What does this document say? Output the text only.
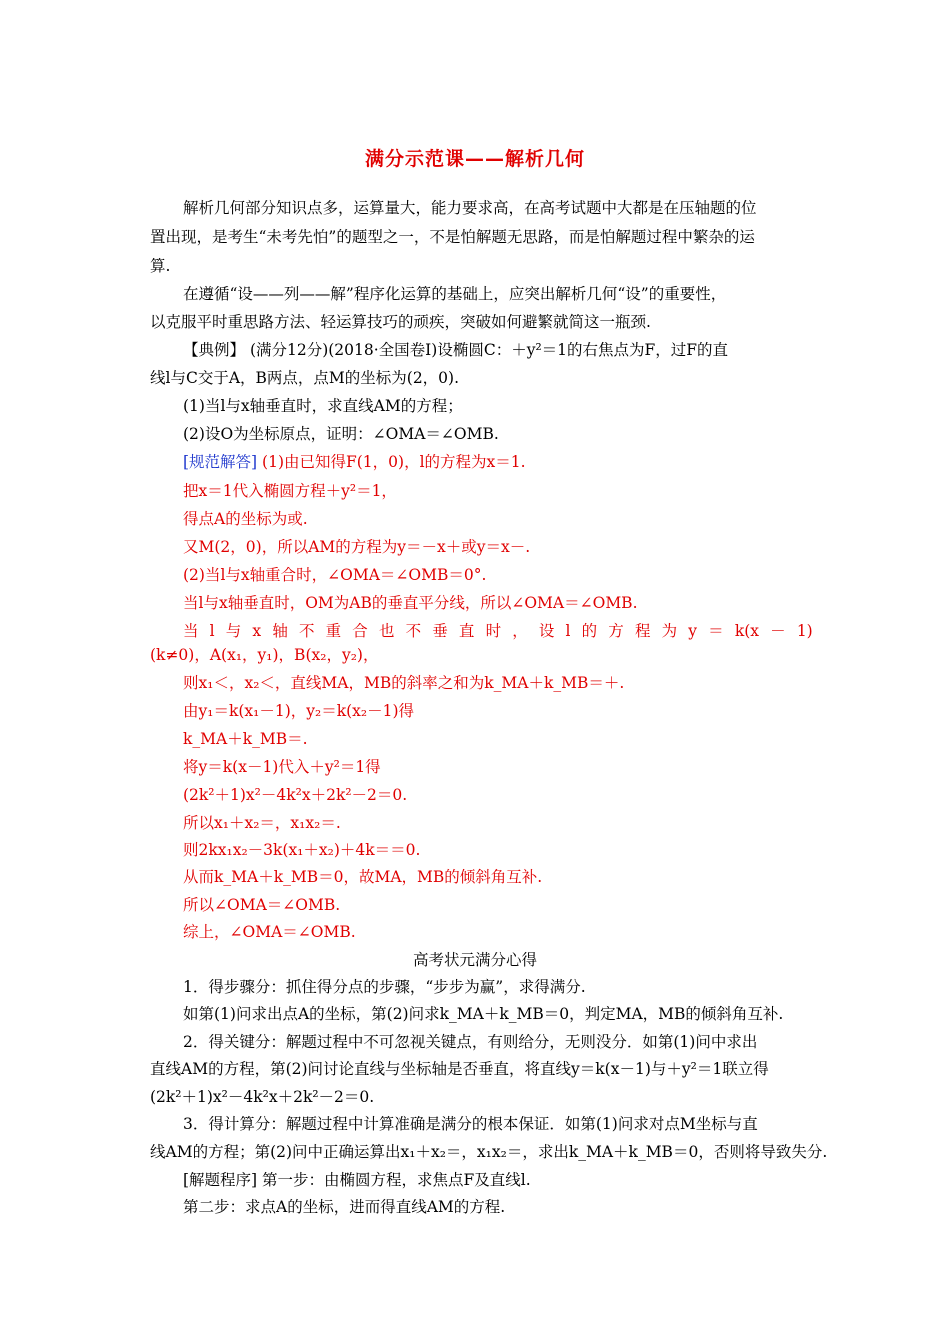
满分示范课——解析几何
解析几何部分知识点多，运算量大，能力要求高，在高考试题中大都是在压轴题的位
置出现，是考生“未考先怕”的题型之一，不是怕解题无思路，而是怕解题过程中繁杂的运
算.
在遵循“设——列——解”程序化运算的基础上，应突出解析几何“设”的重要性，
以克服平时重思路方法、轻运算技巧的顽疾，突破如何避繁就简这一瓶颈.
【典例】 (满分12分)(2018·全国卷Ⅰ)设椭圆C：＋y²＝1的右焦点为F，过F的直
线l与C交于A，B两点，点M的坐标为(2，0).
(1)当l与x轴垂直时，求直线AM的方程；
(2)设O为坐标原点，证明：∠OMA＝∠OMB.
[规范解答] (1)由已知得F(1，0)，l的方程为x＝1.
把x＝1代入椭圆方程＋y²＝1，
得点A的坐标为或.
又M(2，0)，所以AM的方程为y＝－x＋或y＝x－.
(2)当l与x轴重合时，∠OMA＝∠OMB＝0°.
当l与x轴垂直时，OM为AB的垂直平分线，所以∠OMA＝∠OMB.
当 l 与 x 轴 不 重 合 也 不 垂 直 时 ， 设 l 的 方 程 为 y ＝ k(x － 1)
(k≠0)，A(x₁，y₁)，B(x₂，y₂)，
则x₁＜，x₂＜，直线MA，MB的斜率之和为k_MA＋k_MB＝＋.
由y₁＝k(x₁－1)，y₂＝k(x₂－1)得
k_MA＋k_MB＝.
将y＝k(x－1)代入＋y²＝1得
(2k²＋1)x²－4k²x＋2k²－2＝0.
所以x₁＋x₂＝，x₁x₂＝.
则2kx₁x₂－3k(x₁＋x₂)＋4k＝＝0.
从而k_MA＋k_MB＝0，故MA，MB的倾斜角互补.
所以∠OMA＝∠OMB.
综上，∠OMA＝∠OMB.
高考状元满分心得
1．得步骤分：抓住得分点的步骤，“步步为赢”，求得满分.
如第(1)问求出点A的坐标，第(2)问求k_MA＋k_MB＝0，判定MA，MB的倾斜角互补.
2．得关键分：解题过程中不可忽视关键点，有则给分，无则没分．如第(1)问中求出
直线AM的方程，第(2)问讨论直线与坐标轴是否垂直，将直线y＝k(x－1)与＋y²＝1联立得
(2k²＋1)x²－4k²x＋2k²－2＝0.
3．得计算分：解题过程中计算准确是满分的根本保证．如第(1)问求对点M坐标与直
线AM的方程；第(2)问中正确运算出x₁＋x₂＝，x₁x₂＝，求出k_MA＋k_MB＝0，否则将导致失分.
[解题程序] 第一步：由椭圆方程，求焦点F及直线l.
第二步：求点A的坐标，进而得直线AM的方程.
